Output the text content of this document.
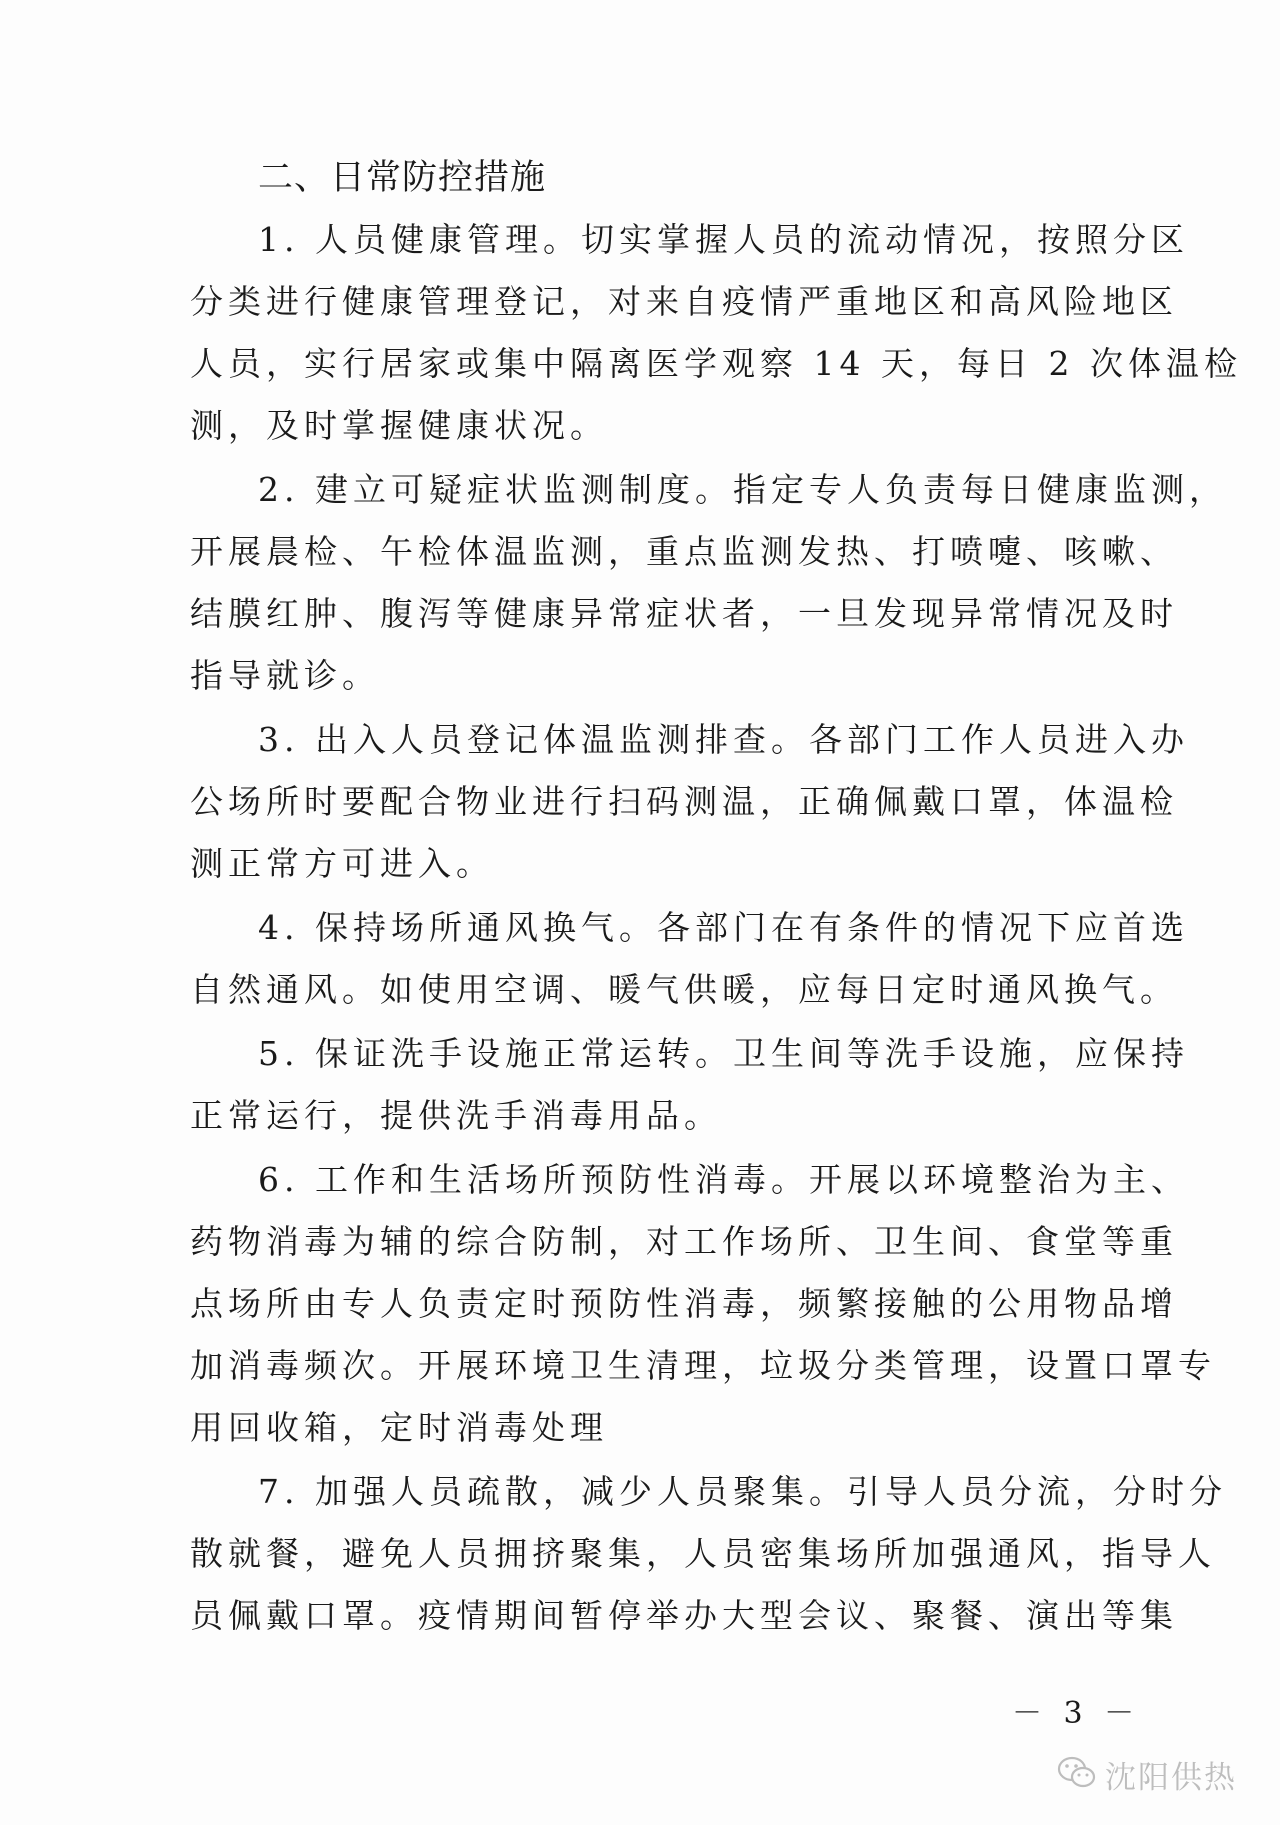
二、日常防控措施
1. 人员健康管理。切实掌握人员的流动情况，按照分区
分类进行健康管理登记，对来自疫情严重地区和高风险地区
人员，实行居家或集中隔离医学观察 14 天，每日 2 次体温检
测，及时掌握健康状况。
2. 建立可疑症状监测制度。指定专人负责每日健康监测，
开展晨检、午检体温监测，重点监测发热、打喷嚏、咳嗽、
结膜红肿、腹泻等健康异常症状者，一旦发现异常情况及时
指导就诊。
3. 出入人员登记体温监测排查。各部门工作人员进入办
公场所时要配合物业进行扫码测温，正确佩戴口罩，体温检
测正常方可进入。
4. 保持场所通风换气。各部门在有条件的情况下应首选
自然通风。如使用空调、暖气供暖，应每日定时通风换气。
5. 保证洗手设施正常运转。卫生间等洗手设施，应保持
正常运行，提供洗手消毒用品。
6. 工作和生活场所预防性消毒。开展以环境整治为主、
药物消毒为辅的综合防制，对工作场所、卫生间、食堂等重
点场所由专人负责定时预防性消毒，频繁接触的公用物品增
加消毒频次。开展环境卫生清理，垃圾分类管理，设置口罩专
用回收箱，定时消毒处理
7. 加强人员疏散，减少人员聚集。引导人员分流，分时分
散就餐，避免人员拥挤聚集，人员密集场所加强通风，指导人
员佩戴口罩。疫情期间暂停举办大型会议、聚餐、演出等集
－ 3 －
沈阳供热
